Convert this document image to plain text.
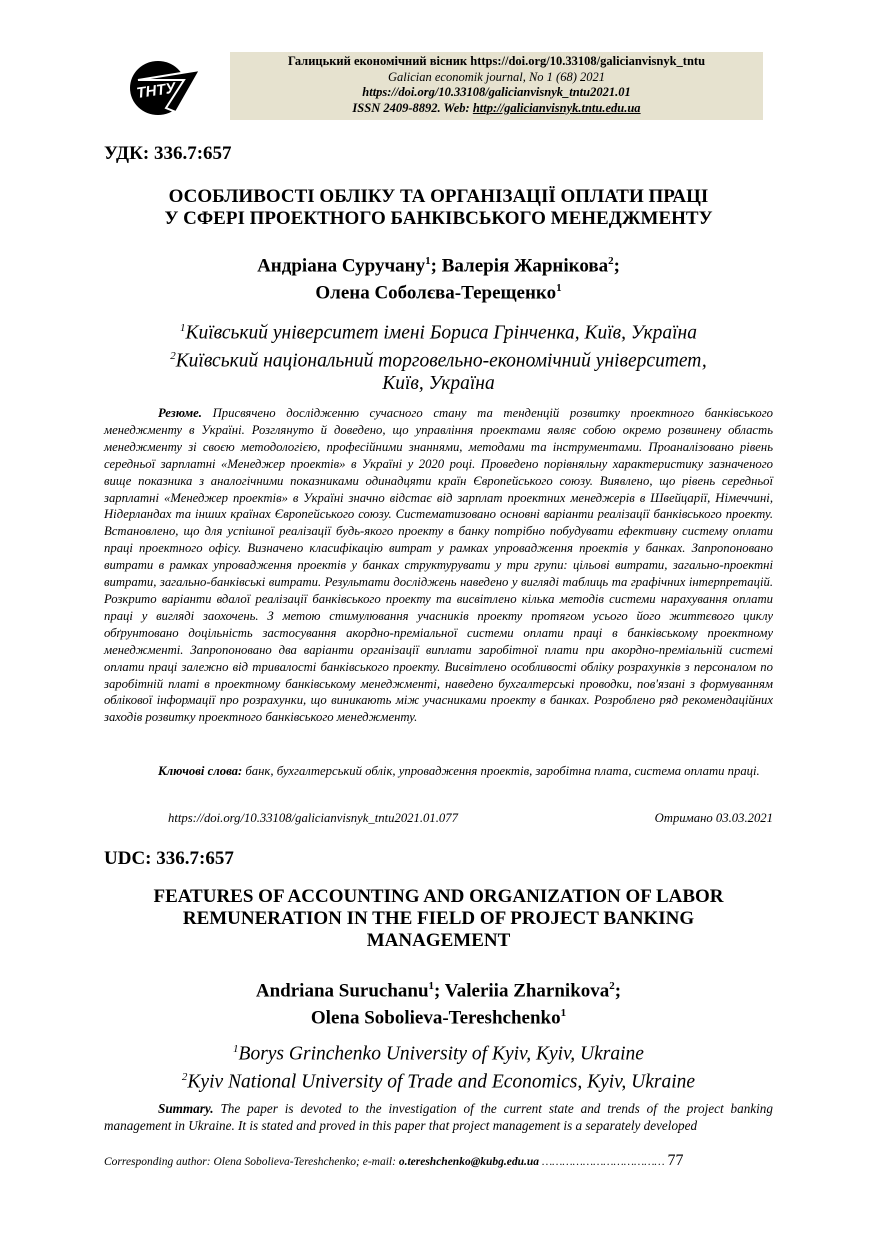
ТНТУ
Галицький економічний вісник https://doi.org/10.33108/galicianvisnyk_tntu
Galician economik journal, No 1 (68) 2021
https://doi.org/10.33108/galicianvisnyk_tntu2021.01
ISSN 2409-8892. Web: http://galicianvisnyk.tntu.edu.ua
УДК: 336.7:657
ОСОБЛИВОСТІ ОБЛІКУ ТА ОРГАНІЗАЦІЇ ОПЛАТИ ПРАЦІ
У СФЕРІ ПРОЕКТНОГО БАНКІВСЬКОГО МЕНЕДЖМЕНТУ
Андріана Суручану$^1$; Валерія Жарнікова$^2$;
Олена Соболєва-Терещенко$^1$
$^1$Київський університет імені Бориса Грінченка, Київ, Україна
$^2$Київський національний торговельно-економічний університет,
Київ, Україна
Резюме. Присвячено дослідженню сучасного стану та тенденцій розвитку проектного банківського менеджменту в Україні. Розглянуто й доведено, що управління проектами являє собою окремо розвинену область менеджменту зі своєю методологією, професійними знаннями, методами та інструментами. Проаналізовано рівень середньої зарплатні «Менеджер проектів» в Україні у 2020 році. Проведено порівняльну характеристику зазначеного вище показника з аналогічними показниками одинадцяти країн Європейського союзу. Виявлено, що рівень середньої зарплатні «Менеджер проектів» в Україні значно відстає від зарплат проектних менеджерів в Швейцарії, Німеччині, Нідерландах та інших країнах Європейського союзу. Систематизовано основні варіанти реалізації банківського проекту. Встановлено, що для успішної реалізації будь-якого проекту в банку потрібно побудувати ефективну систему оплати праці проектного офісу. Визначено класифікацію витрат у рамках упровадження проектів у банках. Запропоновано витрати в рамках упровадження проектів у банках структурувати у три групи: цільові витрати, загально-проектні витрати, загально-банківські витрати. Результати досліджень наведено у вигляді таблиць та графічних інтерпретацій. Розкрито варіанти вдалої реалізації банківського проекту та висвітлено кілька методів системи нарахування оплати праці у вигляді заохочень. З метою стимулювання учасників проекту протягом усього його життєвого циклу обґрунтовано доцільність застосування акордно-преміальної системи оплати праці в банківському проектному менеджменті. Запропоновано два варіанти організації виплати заробітної плати при акордно-преміальній системі оплати праці залежно від тривалості банківського проекту. Висвітлено особливості обліку розрахунків з персоналом по заробітній платі в проектному банківському менеджменті, наведено бухгалтерські проводки, пов'язані з формуванням облікової інформації про розрахунки, що виникають між учасниками проекту в банках. Розроблено ряд рекомендаційних заходів розвитку проектного банківського менеджменту.
Ключові слова: банк, бухгалтерський облік, упровадження проектів, заробітна плата, система оплати праці.
https://doi.org/10.33108/galicianvisnyk_tntu2021.01.077	Отримано 03.03.2021
UDC: 336.7:657
FEATURES OF ACCOUNTING AND ORGANIZATION OF LABOR
REMUNERATION IN THE FIELD OF PROJECT BANKING
MANAGEMENT
Andriana Suruchanu$^1$; Valeriia Zharnikova$^2$;
Olena Sobolieva-Tereshchenko$^1$
$^1$Borys Grinchenko University of Kyiv, Kyiv, Ukraine
$^2$Kyiv National University of Trade and Economics, Kyiv, Ukraine
Summary. The paper is devoted to the investigation of the current state and trends of the project banking management in Ukraine. It is stated and proved in this paper that project management is a separately developed
Corresponding author: Olena Sobolieva-Tereshchenko; e-mail: o.tereshchenko@kubg.edu.ua ……………………………… 77
